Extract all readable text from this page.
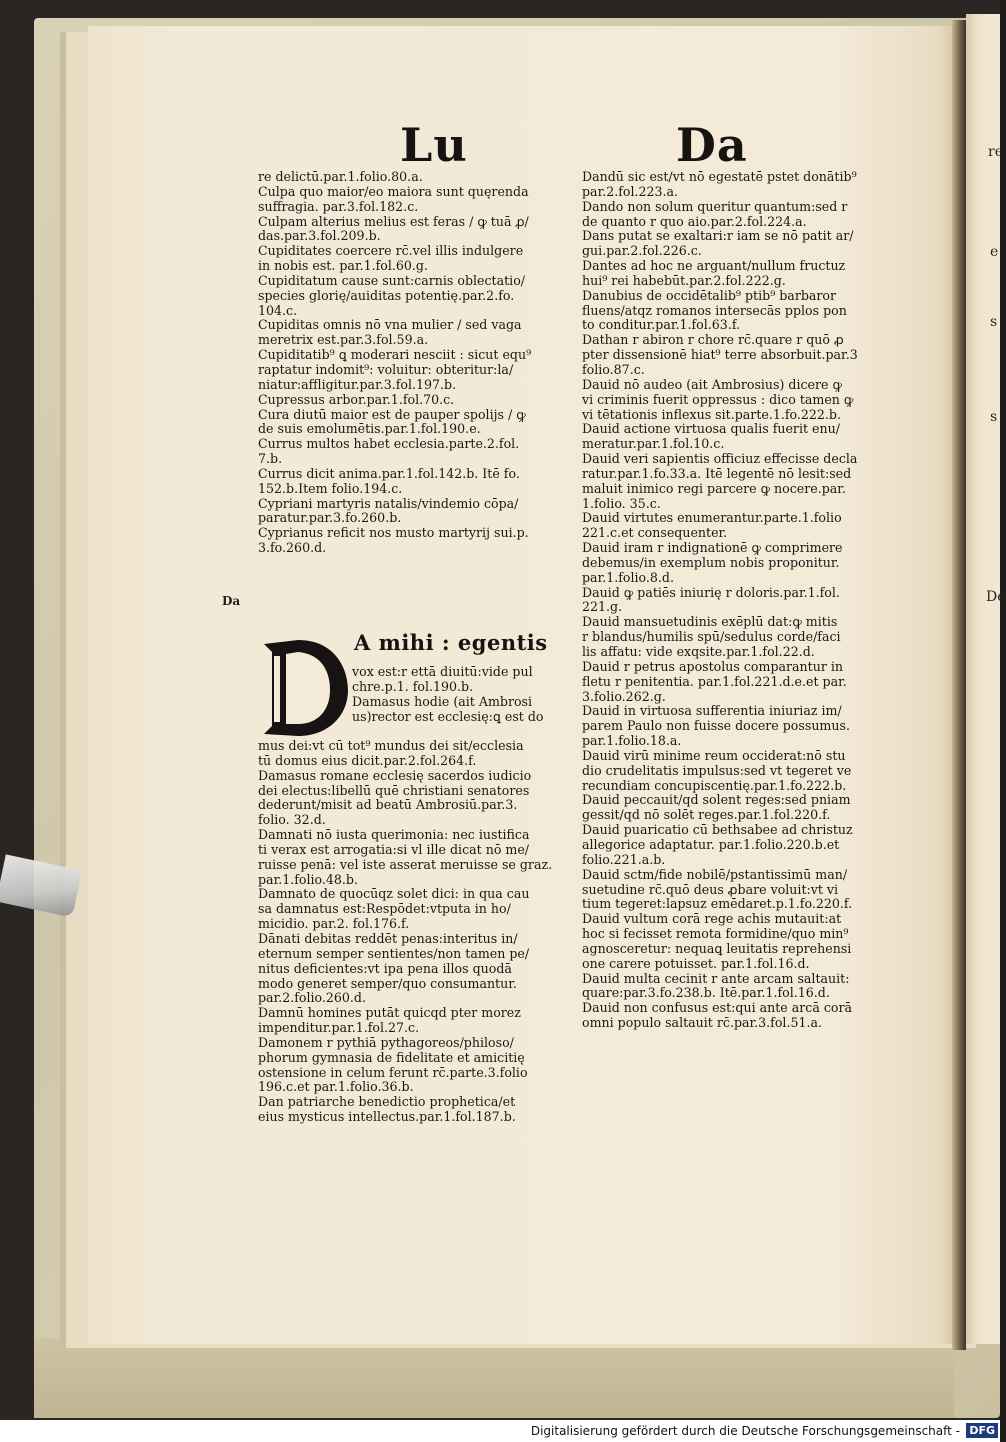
re
e
s
s
De
Lu	Da
Da
re delictū.par.1.folio.80.a.
Culpa quo maior/eo maiora sunt quęrenda
suffragia. par.3.fol.182.c.
Culpam alterius melius est feras / ꝙ tuā ꝓ/
das.par.3.fol.209.b.
Cupiditates coercere rc̄.vel illis indulgere
in nobis est. par.1.fol.60.g.
Cupiditatum cause sunt:carnis oblectatio/
species glorię/auiditas potentię.par.2.fo.
104.c.
Cupiditas omnis nō vna mulier / sed vaga
meretrix est.par.3.fol.59.a.
Cupiditatib⁹ ꝗ moderari nesciit : sicut equ⁹
raptatur indomit⁹: voluitur: obteritur:la/
niatur:affligitur.par.3.fol.197.b.
Cupressus arbor.par.1.fol.70.c.
Cura diutū maior est de pauper spolijs / ꝙ
de suis emolumētis.par.1.fol.190.e.
Currus multos habet ecclesiа.parte.2.fol.
7.b.
Currus dicit anima.par.1.fol.142.b. Itē fo.
152.b.Item folio.194.c.
Cypriani martyris natalis/vindemio cōpa/
paratur.par.3.fo.260.b.
Cyprianus reficit nos musto martyrij sui.p.
3.fo.260.d.
A mihi : egentis
vox est:r ettā diuitū:vide pul
chre.p.1. fol.190.b.
Damasus hodie (ait Ambrosi
us)rector est ecclesię:ꝗ est do
mus dei:vt cū tot⁹ mundus dei sit/ecclesia
tū domus eius dicit.par.2.fol.264.f.
Damasus romane ecclesię sacerdos iudicio
dei electus:libellū quē christiani senatores
dederunt/misit ad beatū Ambrosiū.par.3.
folio. 32.d.
Damnati nō iusta querimonia: nec iustifica
ti verax est arrogatia:si vl ille dicat nō me/
ruisse penā: vel iste asserat meruisse se graz.
par.1.folio.48.b.
Damnato de quocūqz solet dici: in qua cau
sa damnatus est:Respōdet:vtputa in ho/
micidio. par.2. fol.176.f.
Dānati debitas reddēt penas:interitus in/
eternum semper sentientes/non tamen pe/
nitus deficientes:vt ipa pena illos quodā
modo generet semper/quo consumantur.
par.2.folio.260.d.
Damnū homines putāt quicqd pter morez
impenditur.par.1.fol.27.c.
Damonem r pythiā pythagoreos/philoso/
phorum gymnasia de fidelitate et amicitię
ostensione in celum ferunt rc̄.parte.3.folio
196.c.et par.1.folio.36.b.
Dan patriarche benedictio prophetica/et
eius mysticus intellectus.par.1.fol.187.b.
Dandū sic est/vt nō egestatē pstet donātib⁹
par.2.fol.223.a.
Dando non solum queritur quantum:sed r
de quanto r quo aio.par.2.fol.224.a.
Dans putat se exaltari:r iam se nō patit ar/
gui.par.2.fol.226.c.
Dantes ad hoc ne arguant/nullum fructuz
hui⁹ rei habebūt.par.2.fol.222.g.
Danubius de occidētalib⁹ ptib⁹ barbaror
fluens/atqz romanos intersecās pplos pon
to conditur.par.1.fol.63.f.
Dathan r abiron r chore rc̄.quare r quō ꝓ
pter dissensionē hiat⁹ terre absorbuit.par.3
folio.87.c.
Dauid nō audeo (ait Ambrosius) dicere ꝙ
vi criminis fuerit oppressus : dico tamen ꝙ
vi tētationis inflexus sit.parte.1.fo.222.b.
Dauid actione virtuosa qualis fuerit enu/
meratur.par.1.fol.10.c.
Dauid veri sapientis officiuz effecisse decla
ratur.par.1.fo.33.a. Itē legentē nō lesit:sed
maluit inimico regi parcere ꝙ nocere.par.
1.folio. 35.c.
Dauid virtutes enumerantur.parte.1.folio
221.c.et consequenter.
Dauid iram r indignationē ꝙ comprimere
debemus/in exemplum nobis proponitur.
par.1.folio.8.d.
Dauid ꝙ patiēs iniurię r doloris.par.1.fol.
221.g.
Dauid mansuetudinis exēplū dat:ꝙ mitis
r blandus/humilis spū/sedulus corde/faci
lis affatu: vide exqsite.par.1.fol.22.d.
Dauid r petrus apostolus comparantur in
fletu r penitentia. par.1.fol.221.d.e.et par.
3.folio.262.g.
Dauid in virtuosa sufferentia iniuriaz im/
parem Paulo non fuisse docere possumus.
par.1.folio.18.a.
Dauid virū minime reum occiderat:nō stu
dio crudelitatis impulsus:sed vt tegeret ve
recundiam concupiscentię.par.1.fo.222.b.
Dauid peccauit/qd solent reges:sed pniam
gessit/qd nō solēt reges.par.1.fol.220.f.
Dauid puaricatio cū bethsabee ad christuz
allegorice adaptatur. par.1.folio.220.b.et
folio.221.a.b.
Dauid sctm/fide nobilē/pstantissimū man/
suetudine rc̄.quō deus ꝓbare voluit:vt vi
tium tegeret:lapsuz emēdaret.p.1.fo.220.f.
Dauid vultum corā rege achis mutauit:at
hoc si fecisset remota formidine/quo min⁹
agnosceretur: nequaꝗ leuitatis reprehensi
one carere potuisset. par.1.fol.16.d.
Dauid multa cecinit r ante arcam saltauit:
quare:par.3.fo.238.b. Itē.par.1.fol.16.d.
Dauid non confusus est:qui ante arcā corā
omni populo saltauit rc̄.par.3.fol.51.a.
Digitalisierung gefördert durch die Deutsche Forschungsgemeinschaft - DFG
